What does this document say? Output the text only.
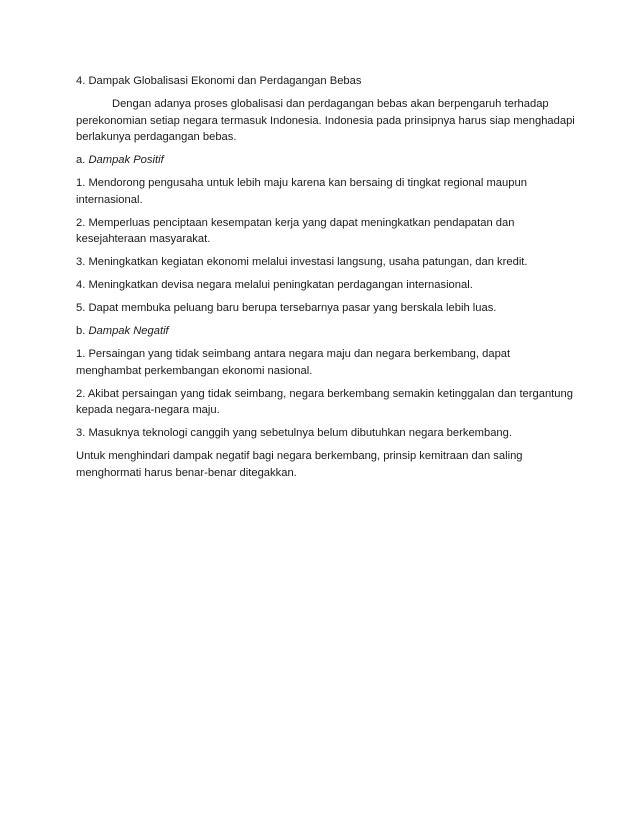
4. Dampak Globalisasi Ekonomi dan Perdagangan Bebas

Dengan adanya proses globalisasi dan perdagangan bebas akan berpengaruh terhadap perekonomian setiap negara termasuk Indonesia. Indonesia pada prinsipnya harus siap menghadapi berlakunya perdagangan bebas.

a. Dampak Positif

1. Mendorong pengusaha untuk lebih maju karena kan bersaing di tingkat regional maupun internasional.

2. Memperluas penciptaan kesempatan kerja yang dapat meningkatkan pendapatan dan kesejahteraan masyarakat.

3. Meningkatkan kegiatan ekonomi melalui investasi langsung, usaha patungan, dan kredit.

4. Meningkatkan devisa negara melalui peningkatan perdagangan internasional.

5. Dapat membuka peluang baru berupa tersebarnya pasar yang berskala lebih luas.

b. Dampak Negatif

1. Persaingan yang tidak seimbang antara negara maju dan negara berkembang, dapat menghambat perkembangan ekonomi nasional.

2. Akibat persaingan yang tidak seimbang, negara berkembang semakin ketinggalan dan tergantung kepada negara-negara maju.

3. Masuknya teknologi canggih yang sebetulnya belum dibutuhkan negara berkembang.

Untuk menghindari dampak negatif bagi negara berkembang, prinsip kemitraan dan saling menghormati harus benar-benar ditegakkan.
